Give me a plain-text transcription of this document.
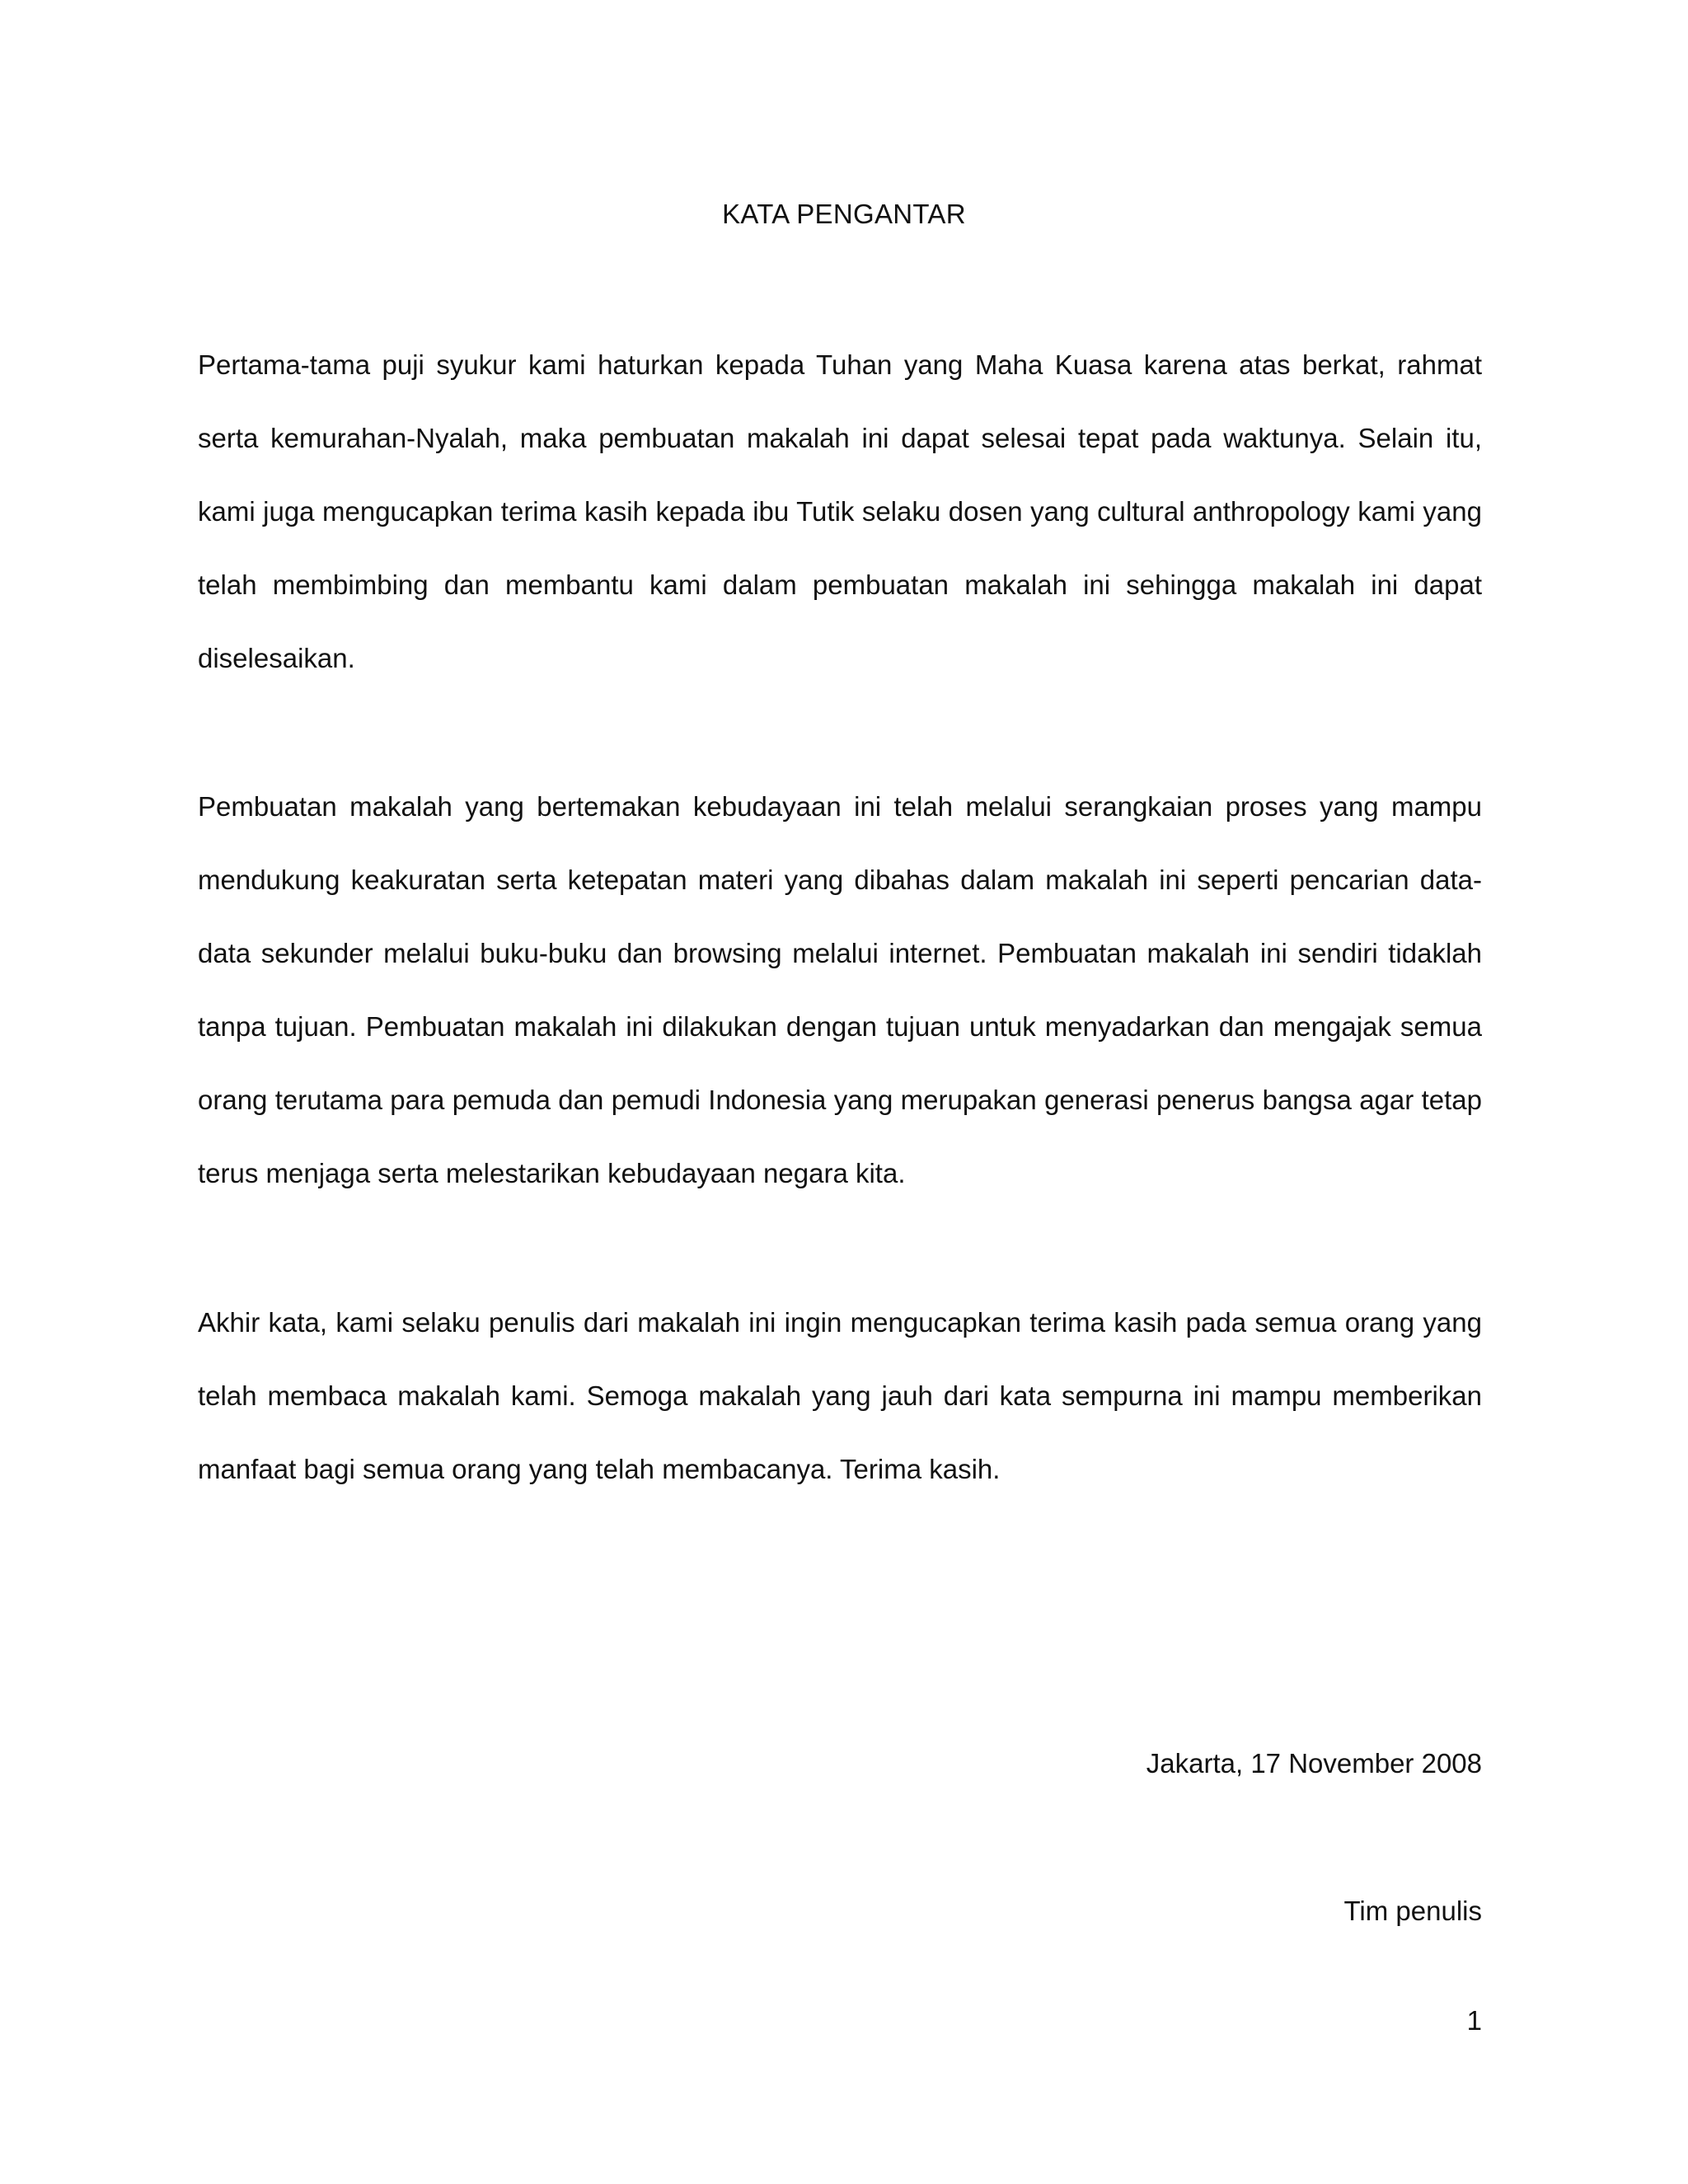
KATA PENGANTAR
Pertama-tama puji syukur kami haturkan kepada Tuhan yang Maha Kuasa karena atas berkat, rahmat serta kemurahan-Nyalah, maka pembuatan makalah ini dapat selesai tepat pada waktunya. Selain itu, kami juga mengucapkan terima kasih kepada ibu Tutik selaku dosen yang cultural anthropology kami yang telah membimbing dan membantu kami dalam pembuatan makalah ini sehingga makalah ini dapat diselesaikan.
Pembuatan makalah yang bertemakan kebudayaan ini telah melalui serangkaian proses yang mampu mendukung keakuratan serta ketepatan materi yang dibahas dalam makalah ini seperti pencarian data-data sekunder melalui buku-buku dan browsing melalui internet. Pembuatan makalah ini sendiri tidaklah tanpa tujuan. Pembuatan makalah ini dilakukan dengan tujuan untuk menyadarkan dan mengajak semua orang terutama para pemuda dan pemudi Indonesia yang merupakan generasi penerus bangsa agar tetap terus menjaga serta melestarikan kebudayaan negara kita.
Akhir kata, kami selaku penulis dari makalah ini ingin mengucapkan terima kasih pada semua orang yang telah membaca makalah kami. Semoga makalah yang jauh dari kata sempurna ini mampu memberikan manfaat bagi semua orang yang telah membacanya. Terima kasih.
Jakarta, 17 November 2008
Tim penulis
1
